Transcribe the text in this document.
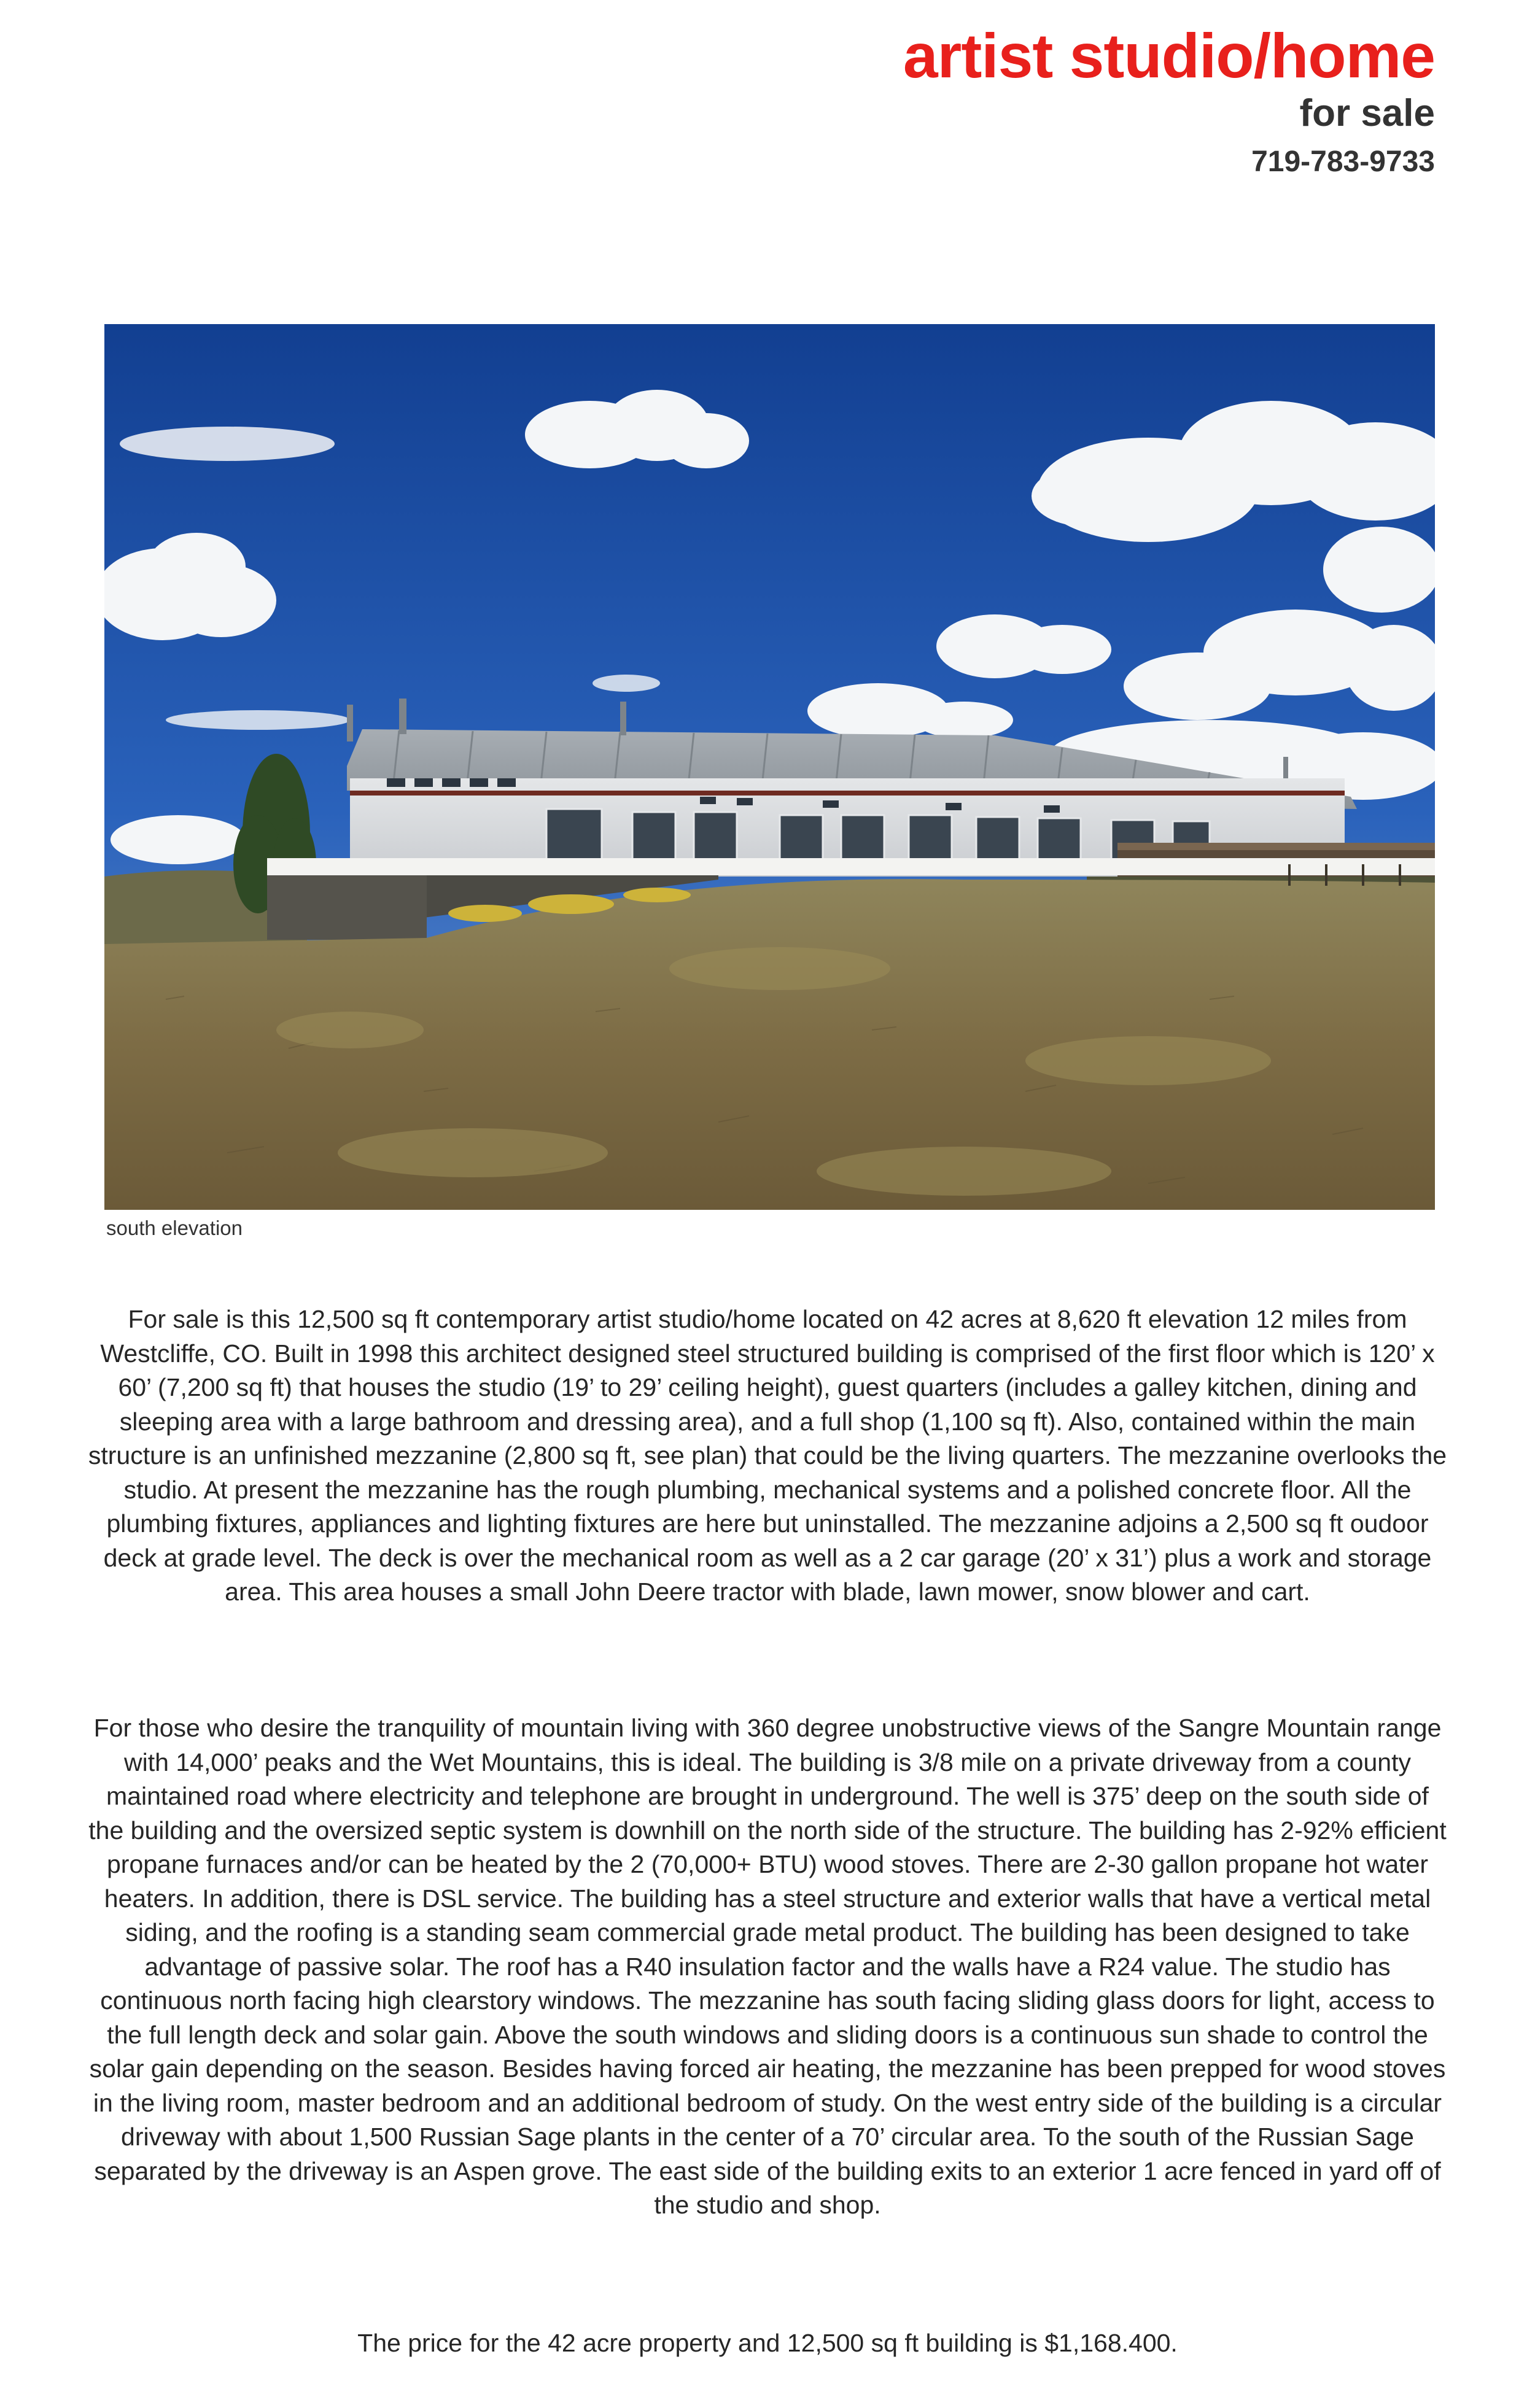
artist studio/home
for sale
719-783-9733
south elevation
For sale is this 12,500 sq ft contemporary artist studio/home located on 42 acres at 8,620 ft elevation 12 miles from Westcliffe, CO. Built in 1998 this architect designed steel structured building is comprised of the first floor which is 120’ x 60’ (7,200 sq ft) that houses the studio (19’ to 29’ ceiling height), guest quarters (includes a galley kitchen, dining and sleeping area with a large bathroom and dressing area), and a full shop (1,100 sq ft). Also, contained within the main structure is an unfinished mezzanine (2,800 sq ft, see plan) that could be the living quarters. The mezzanine overlooks the studio. At present the mezzanine has the rough plumbing, mechanical systems and a polished concrete floor. All the plumbing fixtures, appliances and lighting fixtures are here but uninstalled. The mezzanine adjoins a 2,500 sq ft oudoor deck at grade level. The deck is over the mechanical room as well as a 2 car garage (20’ x 31’) plus a work and storage area. This area houses a small John Deere tractor with blade, lawn mower, snow blower and cart.
For those who desire the tranquility of mountain living with 360 degree unobstructive views of the Sangre Mountain range with 14,000’ peaks and the Wet Mountains, this is ideal. The building is 3/8 mile on a private driveway from a county maintained road where electricity and telephone are brought in underground. The well is 375’ deep on the south side of the building and the oversized septic system is downhill on the north side of the structure. The building has 2-92% efficient propane furnaces and/or can be heated by the 2 (70,000+ BTU) wood stoves. There are 2-30 gallon propane hot water heaters. In addition, there is DSL service. The building has a steel structure and exterior walls that have a vertical metal siding, and the roofing is a standing seam commercial grade metal product. The building has been designed to take advantage of passive solar. The roof has a R40 insulation factor and the walls have a R24 value. The studio has continuous north facing high clearstory windows. The mezzanine has south facing sliding glass doors for light, access to the full length deck and solar gain. Above the south windows and sliding doors is a continuous sun shade to control the solar gain depending on the season. Besides having forced air heating, the mezzanine has been prepped for wood stoves in the living room, master bedroom and an additional bedroom of study. On the west entry side of the building is a circular driveway with about 1,500 Russian Sage plants in the center of a 70’ circular area. To the south of the Russian Sage separated by the driveway is an Aspen grove. The east side of the building exits to an exterior 1 acre fenced in yard off of the studio and shop.
The price for the 42 acre property and 12,500 sq ft building is $1,168.400.
